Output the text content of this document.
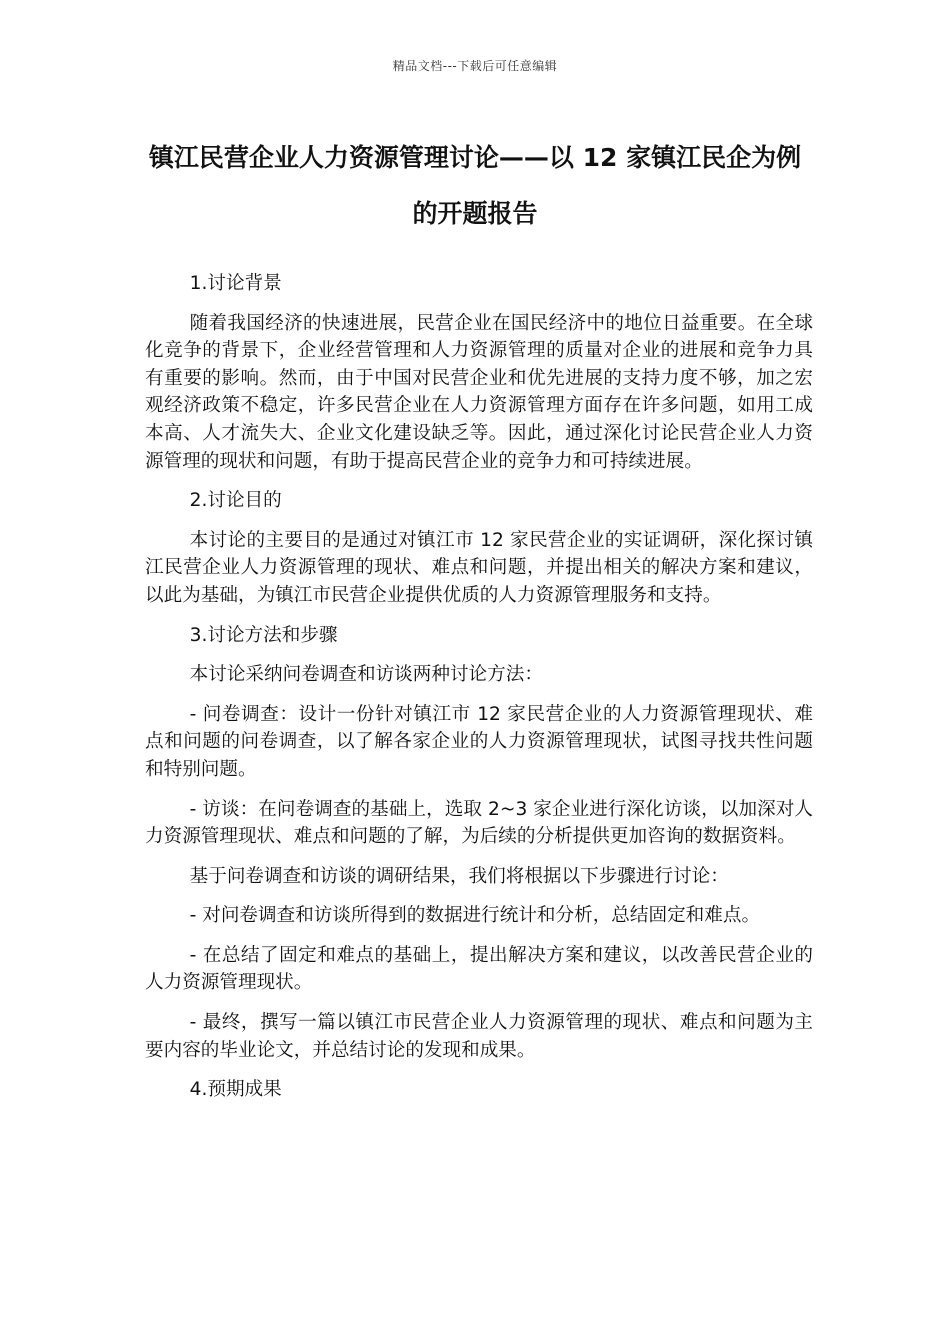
精品文档---下载后可任意编辑
镇江民营企业人力资源管理讨论——以 12 家镇江民企为例的开题报告

1.讨论背景

随着我国经济的快速进展，民营企业在国民经济中的地位日益重要。在全球化竞争的背景下，企业经营管理和人力资源管理的质量对企业的进展和竞争力具有重要的影响。然而，由于中国对民营企业和优先进展的支持力度不够，加之宏观经济政策不稳定，许多民营企业在人力资源管理方面存在许多问题，如用工成本高、人才流失大、企业文化建设缺乏等。因此，通过深化讨论民营企业人力资源管理的现状和问题，有助于提高民营企业的竞争力和可持续进展。

2.讨论目的

本讨论的主要目的是通过对镇江市 12 家民营企业的实证调研，深化探讨镇江民营企业人力资源管理的现状、难点和问题，并提出相关的解决方案和建议，以此为基础，为镇江市民营企业提供优质的人力资源管理服务和支持。

3.讨论方法和步骤

本讨论采纳问卷调查和访谈两种讨论方法：

- 问卷调查：设计一份针对镇江市 12 家民营企业的人力资源管理现状、难点和问题的问卷调查，以了解各家企业的人力资源管理现状，试图寻找共性问题和特别问题。

- 访谈：在问卷调查的基础上，选取 2~3 家企业进行深化访谈，以加深对人力资源管理现状、难点和问题的了解，为后续的分析提供更加咨询的数据资料。

基于问卷调查和访谈的调研结果，我们将根据以下步骤进行讨论：

- 对问卷调查和访谈所得到的数据进行统计和分析，总结固定和难点。

- 在总结了固定和难点的基础上，提出解决方案和建议，以改善民营企业的人力资源管理现状。

- 最终，撰写一篇以镇江市民营企业人力资源管理的现状、难点和问题为主要内容的毕业论文，并总结讨论的发现和成果。

4.预期成果
